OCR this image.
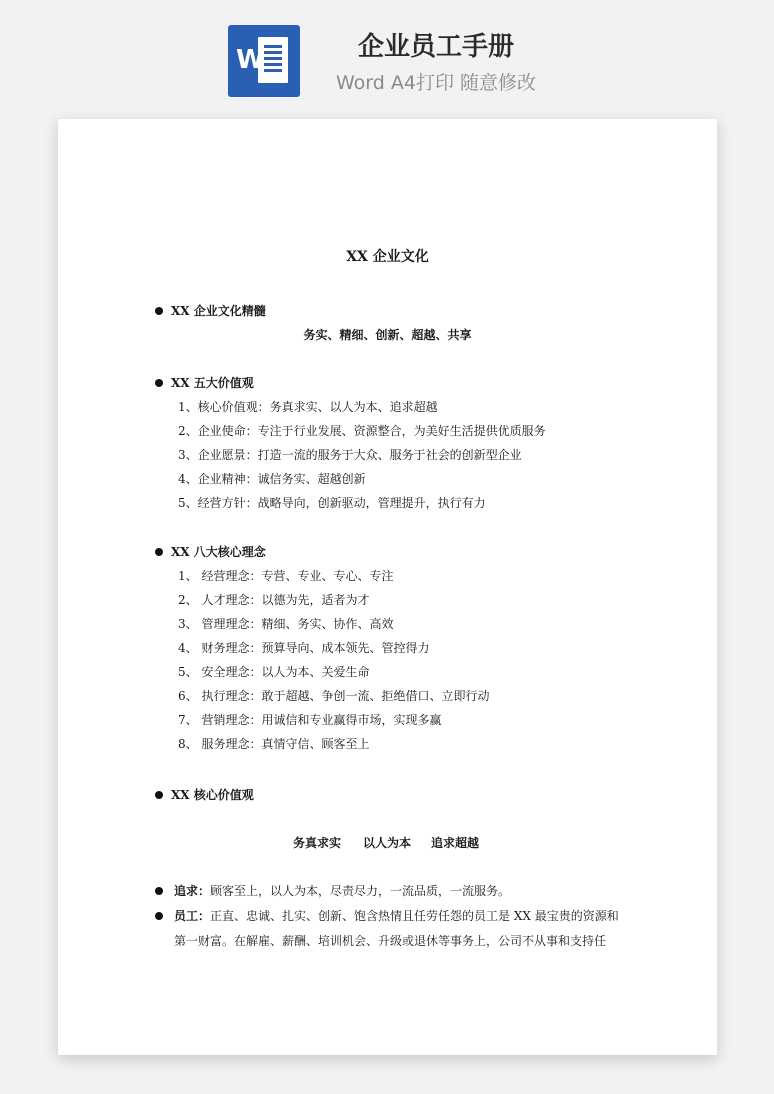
W	企业员工手册
Word A4打印 随意修改
XX 企业文化
XX 企业文化精髓
务实、精细、创新、超越、共享
XX 五大价值观
1、核心价值观：务真求实、以人为本、追求超越
2、企业使命：专注于行业发展、资源整合，为美好生活提供优质服务
3、企业愿景：打造一流的服务于大众、服务于社会的创新型企业
4、企业精神：诚信务实、超越创新
5、经营方针：战略导向，创新驱动，管理提升，执行有力
XX 八大核心理念
1、 经营理念：专营、专业、专心、专注
2、 人才理念：以德为先，适者为才
3、 管理理念：精细、务实、协作、高效
4、 财务理念：预算导向、成本领先、管控得力
5、 安全理念：以人为本、关爱生命
6、 执行理念：敢于超越、争创一流、拒绝借口、立即行动
7、 营销理念：用诚信和专业赢得市场，实现多赢
8、 服务理念：真情守信、顾客至上
XX 核心价值观
务真求实 以人为本 追求超越
追求：顾客至上，以人为本，尽责尽力，一流品质，一流服务。
员工：正直、忠诚、扎实、创新、饱含热情且任劳任怨的员工是 XX 最宝贵的资源和
第一财富。在解雇、薪酬、培训机会、升级或退休等事务上，公司不从事和支持任
